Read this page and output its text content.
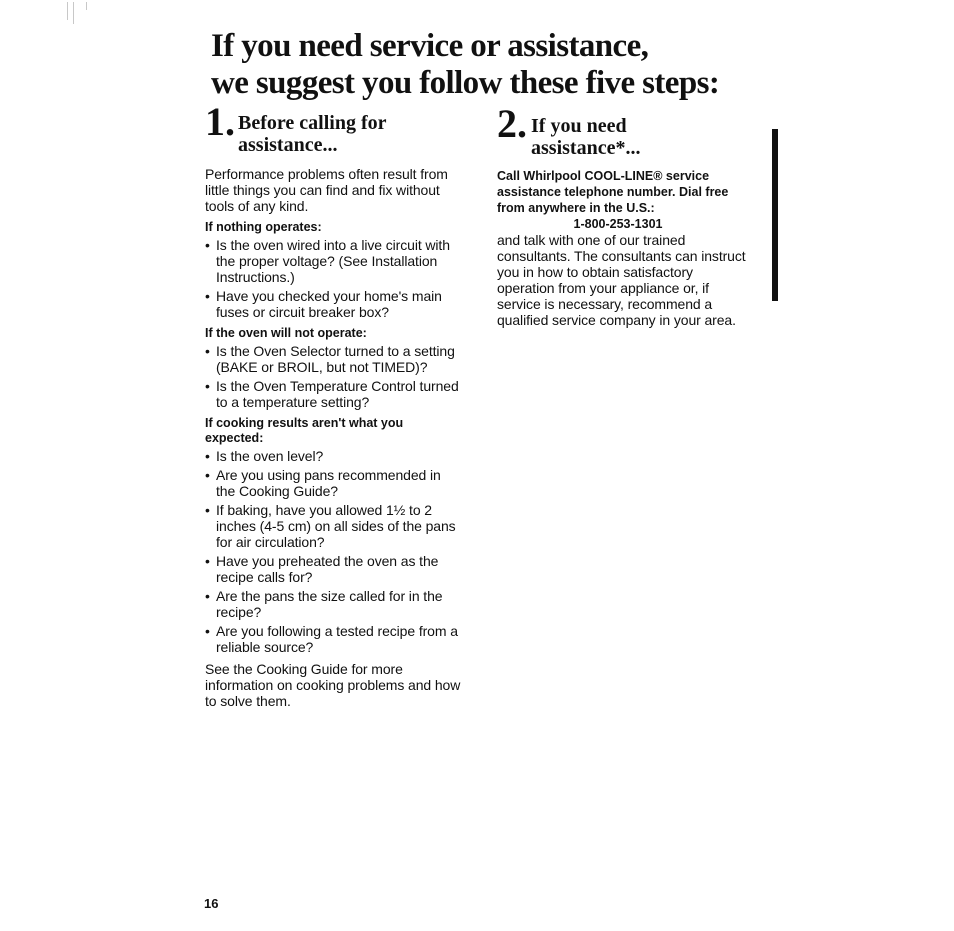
If you need service or assistance,
we suggest you follow these five steps:
1. Before calling for
assistance...

Performance problems often result from little things you can find and fix without tools of any kind.

If nothing operates:
• Is the oven wired into a live circuit with the proper voltage? (See Installation Instructions.)
• Have you checked your home's main fuses or circuit breaker box?
If the oven will not operate:
• Is the Oven Selector turned to a setting (BAKE or BROIL, but not TIMED)?
• Is the Oven Temperature Control turned to a temperature setting?
If cooking results aren't what you expected:
• Is the oven level?
• Are you using pans recommended in the Cooking Guide?
• If baking, have you allowed 1½ to 2 inches (4-5 cm) on all sides of the pans for air circulation?
• Have you preheated the oven as the recipe calls for?
• Are the pans the size called for in the recipe?
• Are you following a tested recipe from a reliable source?

See the Cooking Guide for more information on cooking problems and how to solve them.

2. If you need
assistance*...

Call Whirlpool COOL-LINE® service assistance telephone number. Dial free from anywhere in the U.S.:

1-800-253-1301

and talk with one of our trained consultants. The consultants can instruct you in how to obtain satisfactory operation from your appliance or, if service is necessary, recommend a qualified service company in your area.

16
